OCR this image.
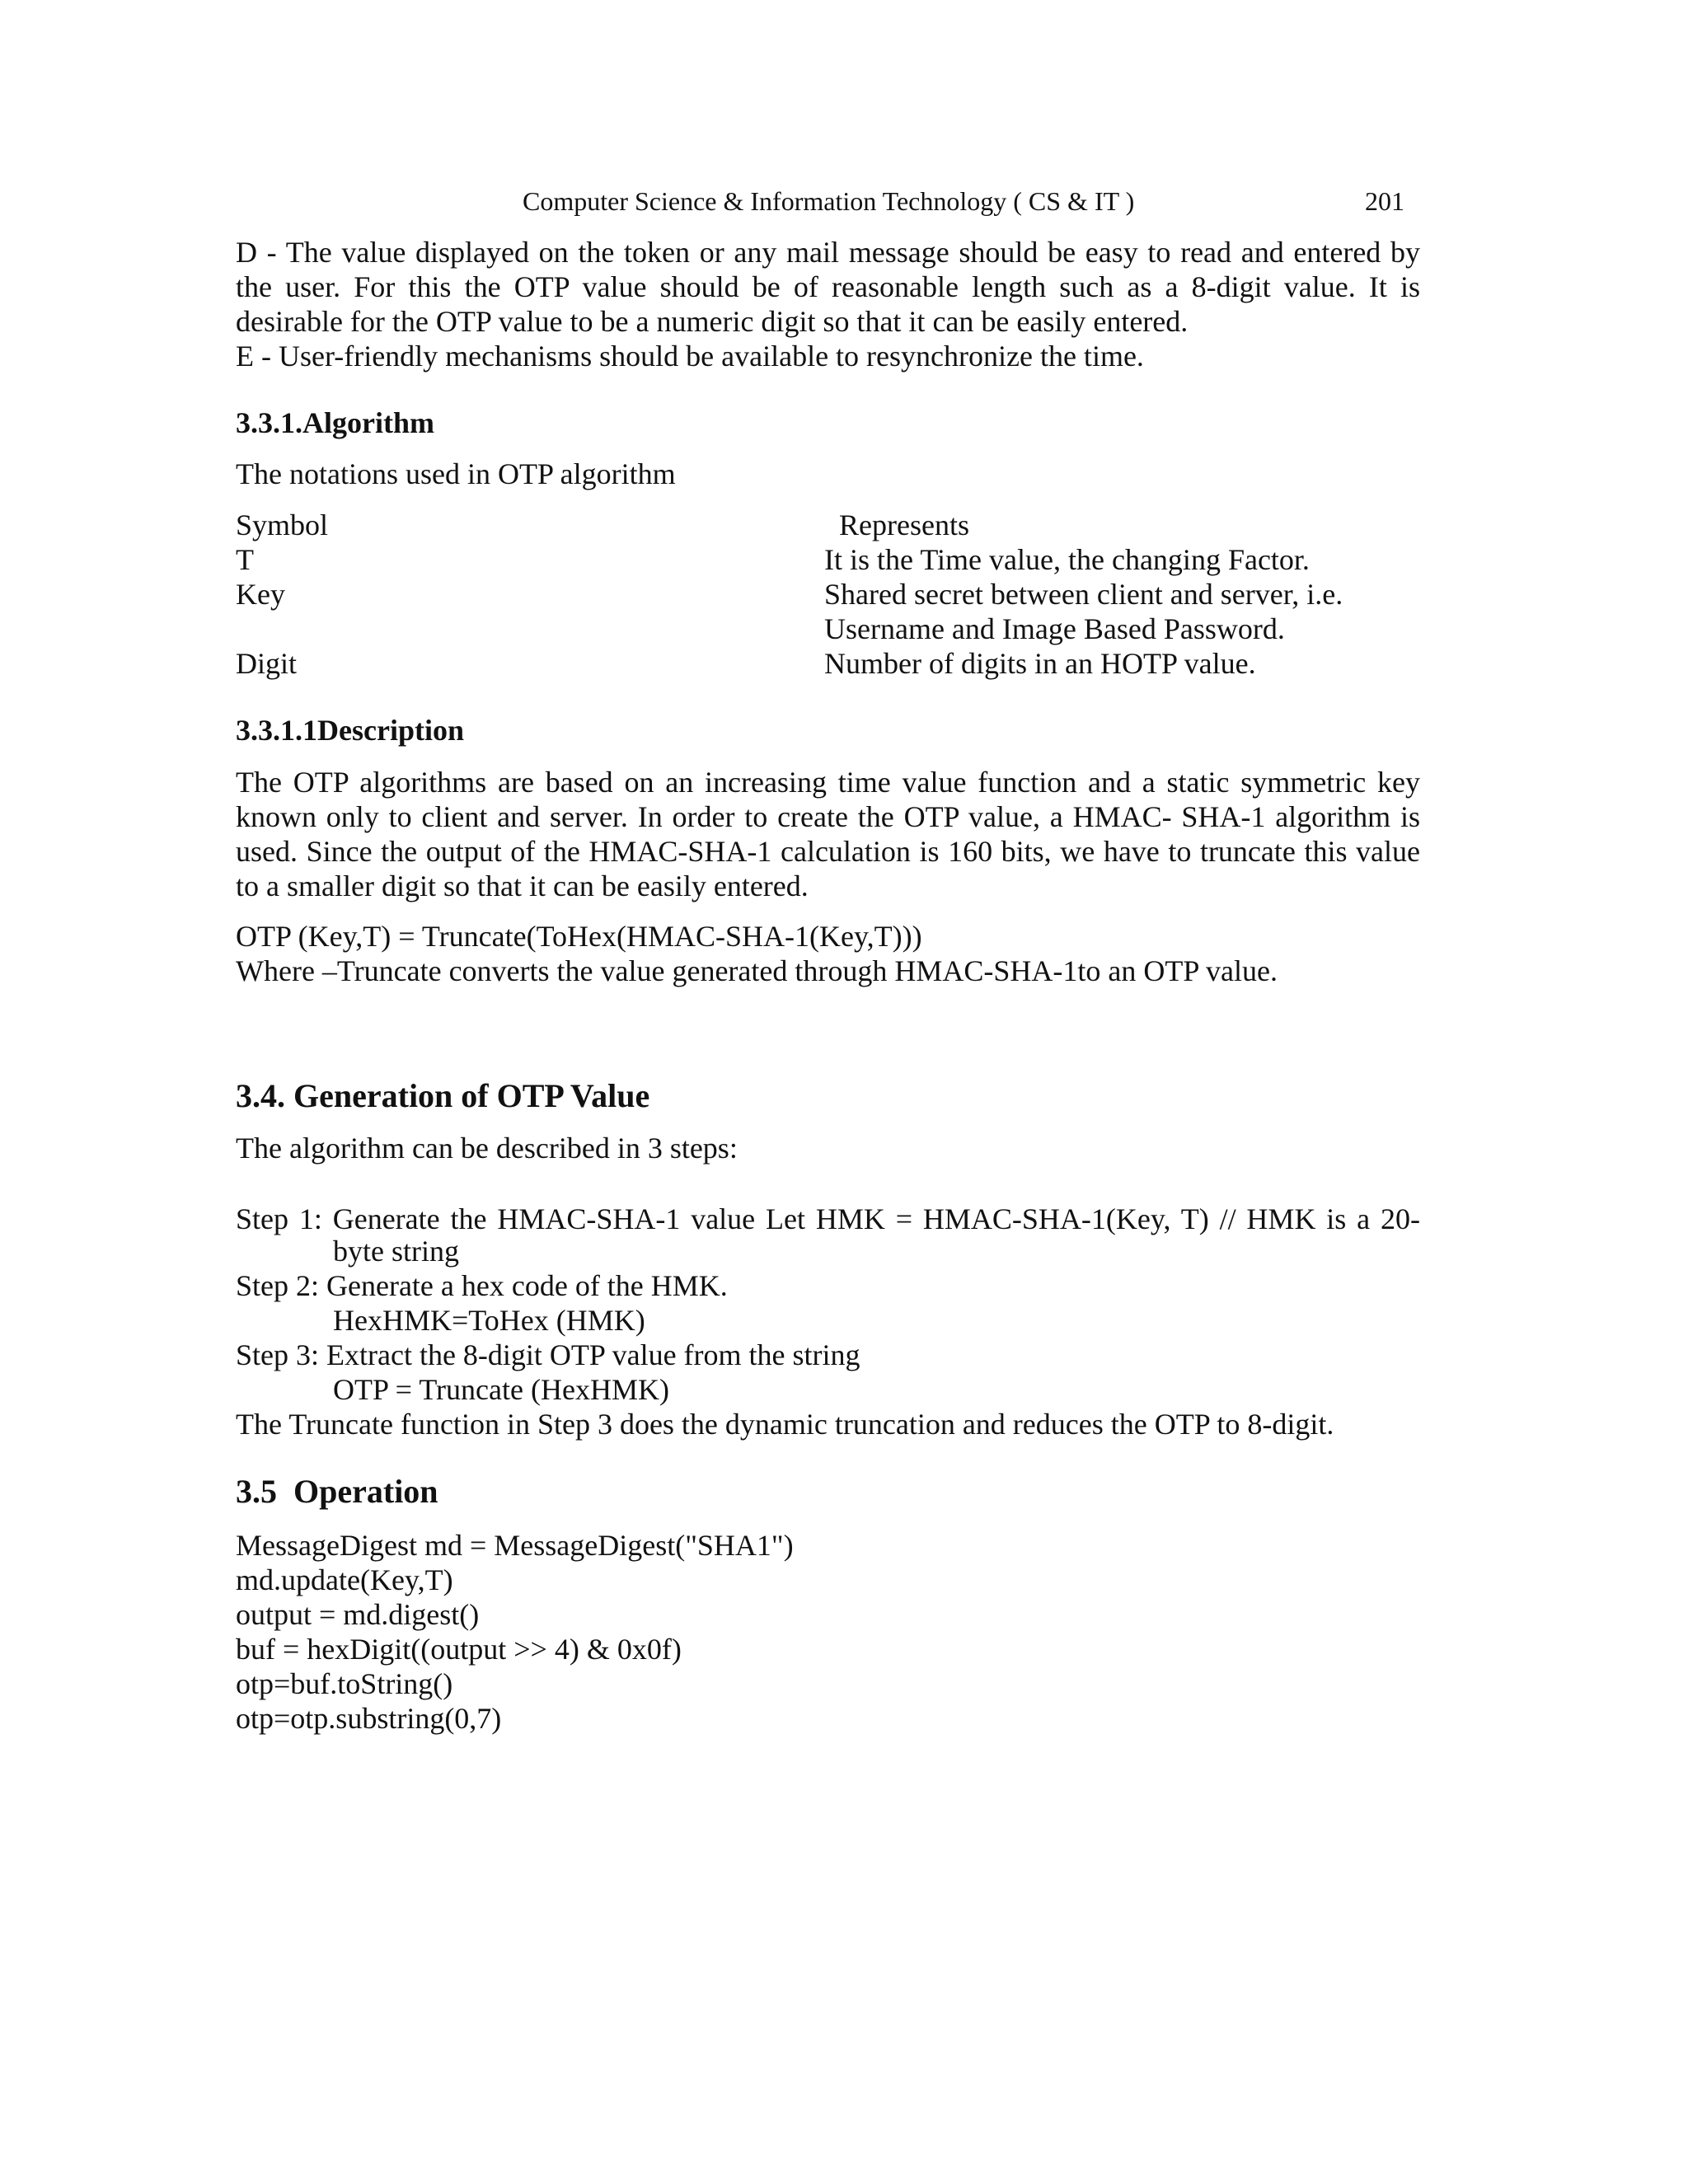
Computer Science & Information Technology ( CS & IT )	201
D - The value displayed on the token or any mail message should be easy to read and entered by
the user. For this the OTP value should be of reasonable length such as a 8-digit value. It is
desirable for the OTP value to be a numeric digit so that it can be easily entered.
E - User-friendly mechanisms should be available to resynchronize the time.
3.3.1.Algorithm
The notations used in OTP algorithm
Symbol	Represents
T	It is the Time value, the changing Factor.
Key	Shared secret between client and server, i.e.
Username and Image Based Password.
Digit	Number of digits in an HOTP value.
3.3.1.1Description
The OTP algorithms are based on an increasing time value function and a static symmetric key
known only to client and server. In order to create the OTP value, a HMAC- SHA-1 algorithm is
used. Since the output of the HMAC-SHA-1 calculation is 160 bits, we have to truncate this value
to a smaller digit so that it can be easily entered.
OTP (Key,T) = Truncate(ToHex(HMAC-SHA-1(Key,T)))
Where –Truncate converts the value generated through HMAC-SHA-1to an OTP value.
3.4. Generation of OTP Value
The algorithm can be described in 3 steps:
Step 1: Generate the HMAC-SHA-1 value Let HMK = HMAC-SHA-1(Key, T) // HMK is a 20-
byte string
Step 2: Generate a hex code of the HMK.
HexHMK=ToHex (HMK)
Step 3: Extract the 8-digit OTP value from the string
OTP = Truncate (HexHMK)
The Truncate function in Step 3 does the dynamic truncation and reduces the OTP to 8-digit.
3.5  Operation
MessageDigest md = MessageDigest("SHA1")
md.update(Key,T)
output = md.digest()
buf = hexDigit((output >> 4) & 0x0f)
otp=buf.toString()
otp=otp.substring(0,7)
